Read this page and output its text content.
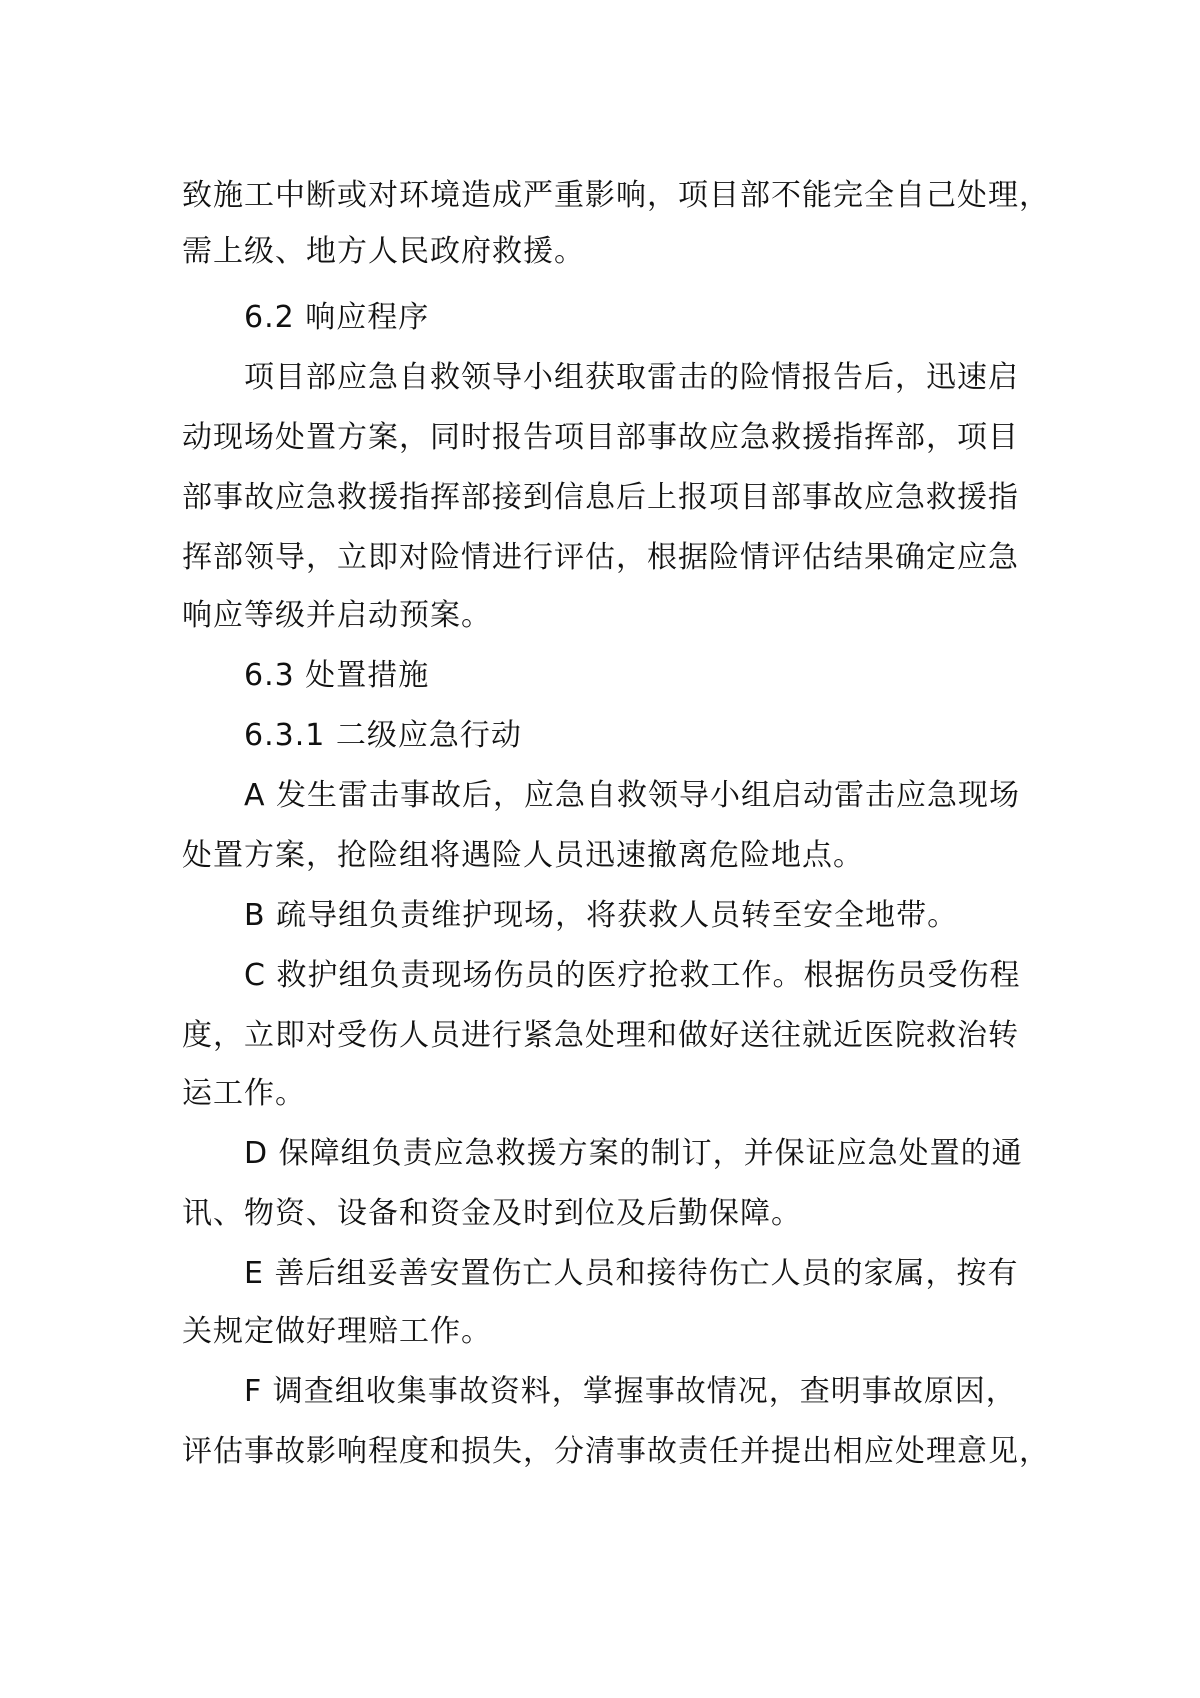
致施工中断或对环境造成严重影响，项目部不能完全自己处理，
需上级、地方人民政府救援。
6.2 响应程序
项目部应急自救领导小组获取雷击的险情报告后，迅速启
动现场处置方案，同时报告项目部事故应急救援指挥部，项目
部事故应急救援指挥部接到信息后上报项目部事故应急救援指
挥部领导，立即对险情进行评估，根据险情评估结果确定应急
响应等级并启动预案。
6.3 处置措施
6.3.1 二级应急行动
A 发生雷击事故后，应急自救领导小组启动雷击应急现场
处置方案，抢险组将遇险人员迅速撤离危险地点。
B 疏导组负责维护现场，将获救人员转至安全地带。
C 救护组负责现场伤员的医疗抢救工作。根据伤员受伤程
度，立即对受伤人员进行紧急处理和做好送往就近医院救治转
运工作。
D 保障组负责应急救援方案的制订，并保证应急处置的通
讯、物资、设备和资金及时到位及后勤保障。
E 善后组妥善安置伤亡人员和接待伤亡人员的家属，按有
关规定做好理赔工作。
F 调查组收集事故资料，掌握事故情况，查明事故原因，
评估事故影响程度和损失，分清事故责任并提出相应处理意见，
